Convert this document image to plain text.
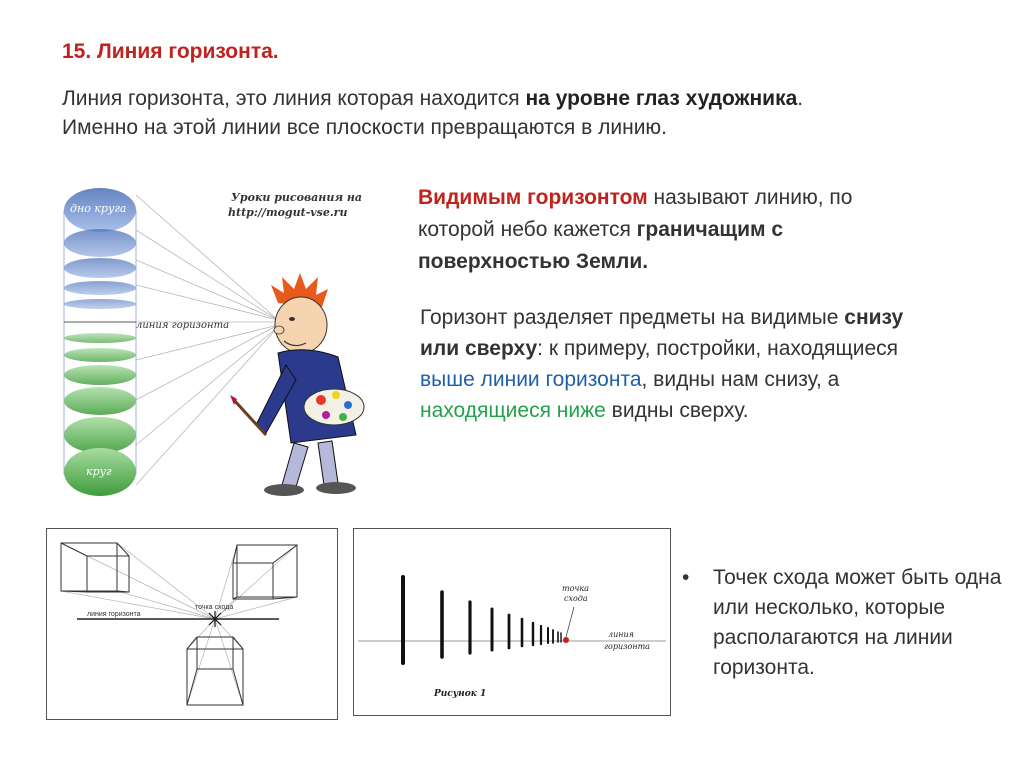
15. Линия горизонта.
Линия горизонта, это линия которая находится на уровне глаз художника.
Именно на этой линии все плоскости превращаются в линию.
дно круга
линия горизонта
круг
Уроки рисования на
http://mogut-vse.ru
Видимым горизонтом называют линию, по которой небо кажется граничащим с поверхностью Земли.
Горизонт разделяет предметы на видимые снизу или сверху: к примеру, постройки, находящиеся выше линии горизонта, видны нам снизу, а находящиеся ниже видны сверху.
линия горизонта
точка схода
точка
схода
линия
горизонта
Рисунок 1
• Точек схода может быть одна или несколько, которые располагаются на линии горизонта.
